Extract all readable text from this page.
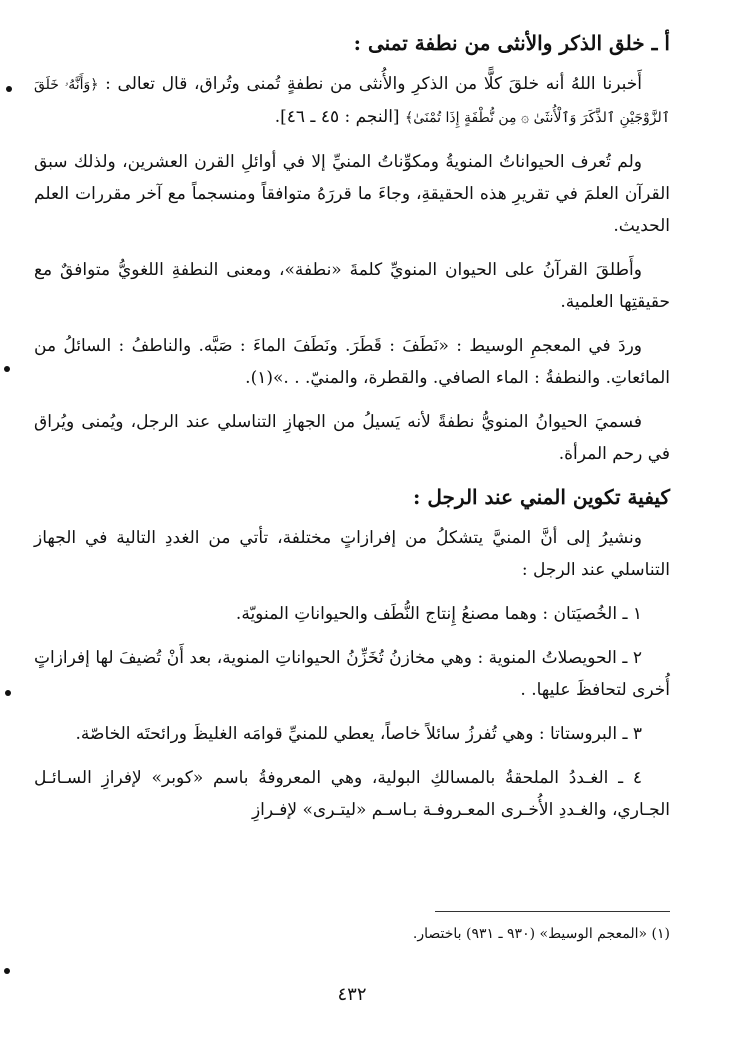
أ ـ خلق الذكر والأنثى من نطفة تمنى :
أَخبرنا اللهُ أنه خلقَ كلًّا من الذكرِ والأُنثى من نطفةٍ تُمنى وتُراق، قال تعالى : ﴿وَأَنَّهُۥ خَلَقَ ٱلزَّوْجَيْنِ ٱلذَّكَرَ وَٱلْأُنثَىٰ ۞ مِن نُّطْفَةٍ إِذَا تُمْنَىٰ﴾ [النجم : ٤٥ ـ ٤٦].
ولم تُعرف الحيواناتُ المنويةُ ومكوِّناتُ المنيِّ إلا في أوائلِ القرن العشرين، ولذلك سبق القرآن العلمَ في تقريرِ هذه الحقيقةِ، وجاءَ ما قررَهُ متوافقاً ومنسجماً مع آخر مقررات العلم الحديث.
وأَطلقَ القرآنُ على الحيوان المنويِّ كلمةَ «نطفة»، ومعنى النطفةِ اللغويُّ متوافقٌ مع حقيقتِها العلمية.
وردَ في المعجمِ الوسيط : «نَطَفَ : قَطَرَ. ونَطَفَ الماءَ : صَبَّه. والناطفُ : السائلُ من المائعاتِ. والنطفةُ : الماء الصافي. والقطرة، والمنيّ. . .»(١).
فسميَ الحيوانُ المنويُّ نطفةً لأنه يَسيلُ من الجهازِ التناسلي عند الرجل، ويُمنى ويُراق في رحم المرأة.
كيفية تكوين المني عند الرجل :
ونشيرُ إلى أنَّ المنيَّ يتشكلُ من إفرازاتٍ مختلفة، تأتي من الغددِ التالية في الجهاز التناسلي عند الرجل :
١ ـ الخُصيَتان : وهما مصنعُ إِنتاج النُّطَف والحيواناتِ المنويّة.
٢ ـ الحويصلاتُ المنوية : وهي مخازنُ تُخَزِّنُ الحيواناتِ المنوية، بعد أَنْ تُضيفَ لها إفرازاتٍ أُخرى لتحافظَ عليها. .
٣ ـ البروستاتا : وهي تُفرزُ سائلاً خاصاً، يعطي للمنيِّ قوامَه الغليظَ ورائحتَه الخاصّة.
٤ ـ الغـددُ الملحقةُ بالمسالكِ البولية، وهي المعروفةُ باسم «كوبر» لإفرازِ السـائـل الجـاري، والغـددِ الأُخـرى المعـروفـة بـاسـم «ليتـرى» لإفـرازِ
(١) «المعجم الوسيط» (٩٣٠ ـ ٩٣١) باختصار.
٤٣٢
